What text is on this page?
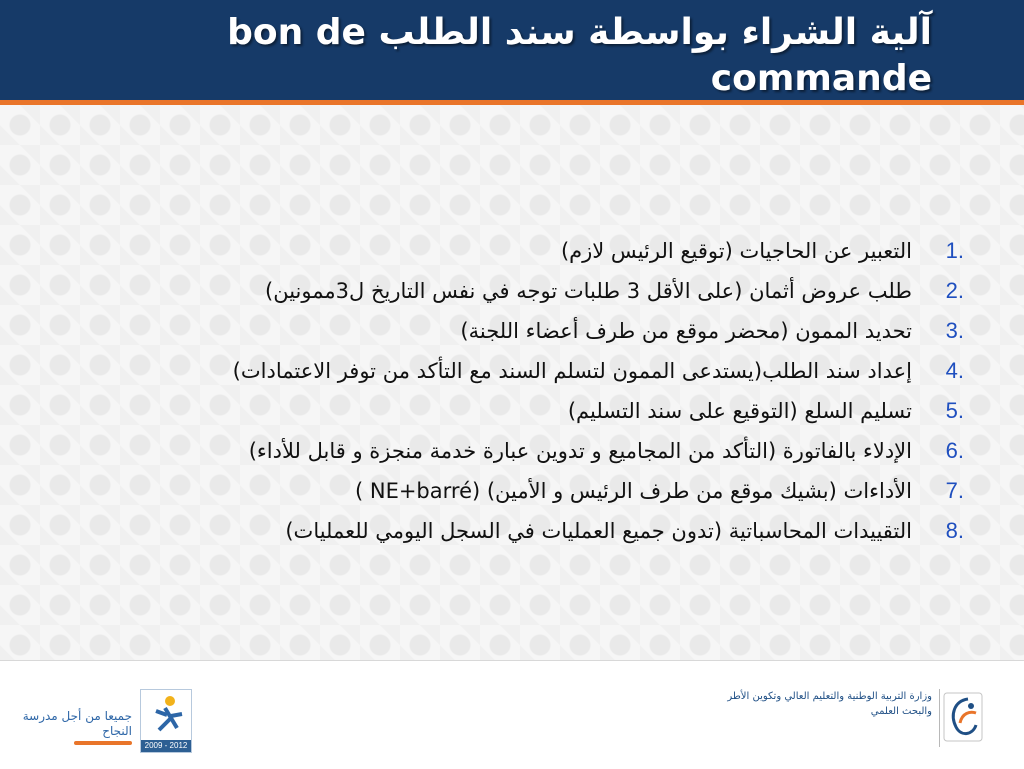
آلية الشراء بواسطة سند الطلب bon de commande
1.
التعبير عن الحاجيات (توقيع الرئيس لازم)
2.
طلب عروض أثمان (على الأقل 3 طلبات توجه في نفس التاريخ ل3ممونين)
3.
تحديد الممون (محضر موقع من طرف أعضاء اللجنة)
4.
إعداد سند الطلب(يستدعى الممون لتسلم السند مع التأكد من توفر الاعتمادات)
5.
تسليم السلع (التوقيع على سند التسليم)
6.
الإدلاء بالفاتورة (التأكد من المجاميع و تدوين عبارة خدمة منجزة و قابل للأداء)
7.
الأداءات (بشيك موقع من طرف الرئيس و الأمين) (NE+barré )
8.
التقييدات المحاسباتية (تدون جميع العمليات في السجل اليومي للعمليات)
جميعا من أجل مدرسة النجاح
2009 - 2012
وزارة التربية الوطنية والتعليم العالي وتكوين الأطر والبحث العلمي
